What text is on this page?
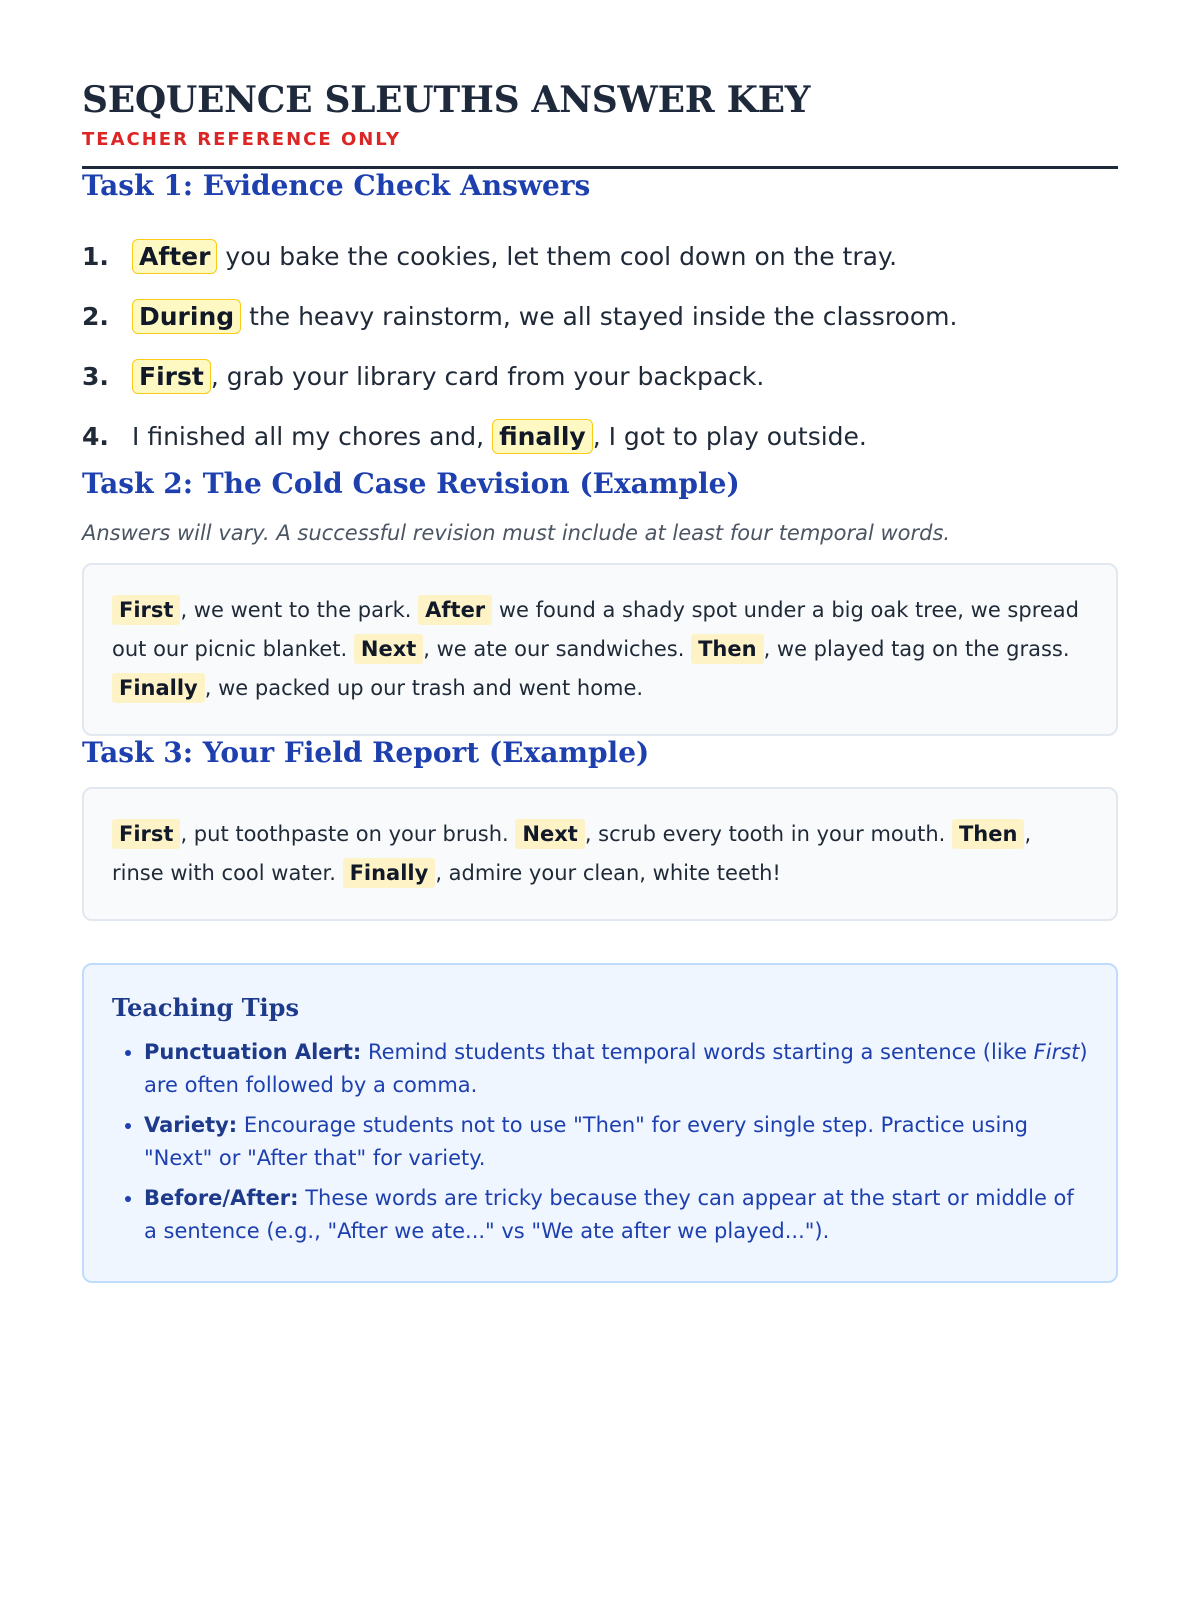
SEQUENCE SLEUTHS ANSWER KEY
TEACHER REFERENCE ONLY
Task 1: Evidence Check Answers
1.	After you bake the cookies, let them cool down on the tray.
2.	During the heavy rainstorm, we all stayed inside the classroom.
3.	First , grab your library card from your backpack.
4. I finished all my chores and, finally , I got to play outside.
Task 2: The Cold Case Revision (Example)
Answers will vary. A successful revision must include at least four temporal words.
First , we went to the park. After we found a shady spot under a big oak tree, we spread out our picnic blanket. Next , we ate our sandwiches. Then , we played tag on the grass. Finally , we packed up our trash and went home.
Task 3: Your Field Report (Example)
First , put toothpaste on your brush. Next , scrub every tooth in your mouth. Then , rinse with cool water. Finally , admire your clean, white teeth!
Teaching Tips
• Punctuation Alert: Remind students that temporal words starting a sentence (like First) are often followed by a comma.
• Variety: Encourage students not to use "Then" for every single step. Practice using "Next" or "After that" for variety.
• Before/After: These words are tricky because they can appear at the start or middle of a sentence (e.g., "After we ate..." vs "We ate after we played...").
